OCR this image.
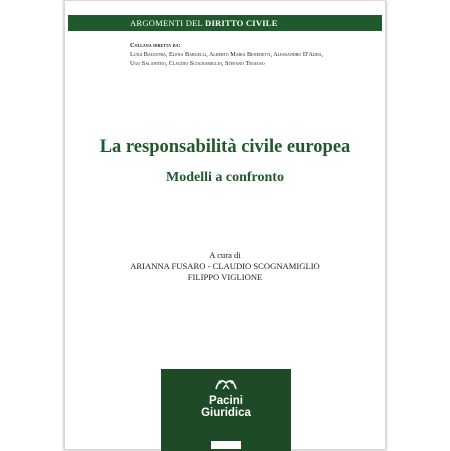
ARGOMENTI DEL DIRITTO CIVILE
Collana diretta da:
Luigi Balestra, Elena Bargelli, Alberto Maria Benedetti, Alessandro D'Adda,
Ugo Salanitro, Claudio Scognamiglio, Stefano Troiano
La responsabilità civile europea
Modelli a confronto
A cura di
ARIANNA FUSARO - CLAUDIO SCOGNAMIGLIO
FILIPPO VIGLIONE
Pacini
Giuridica
